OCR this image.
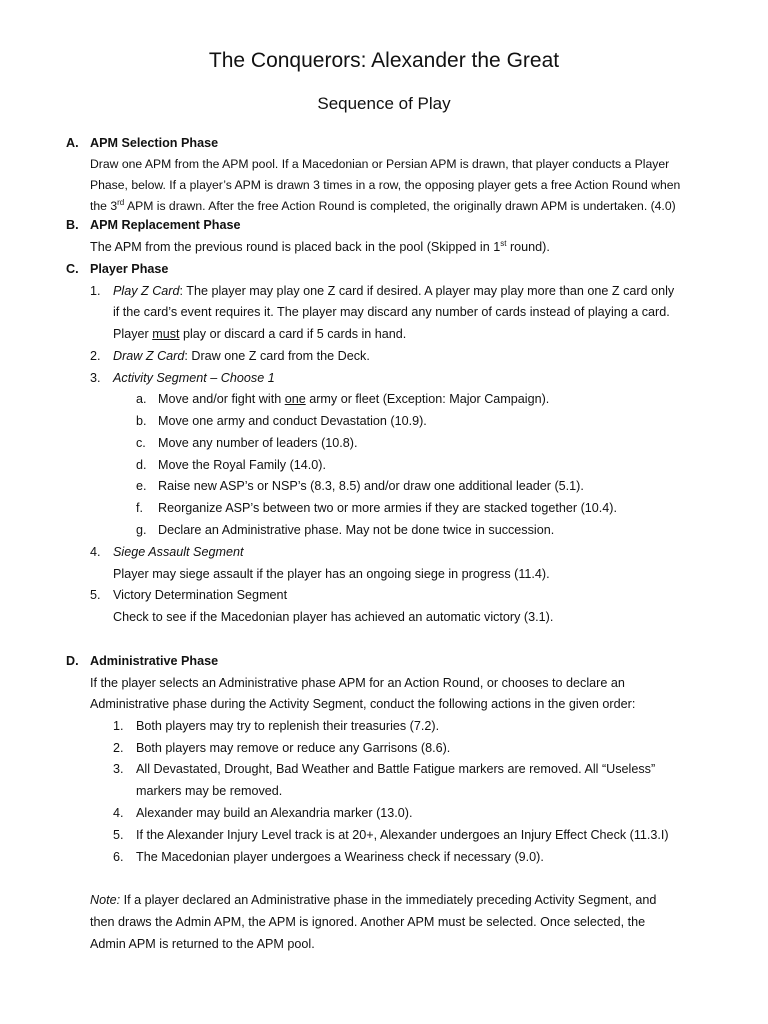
The Conquerors: Alexander the Great
Sequence of Play
A. APM Selection Phase
Draw one APM from the APM pool. If a Macedonian or Persian APM is drawn, that player conducts a Player
Phase, below. If a player’s APM is drawn 3 times in a row, the opposing player gets a free Action Round when
the 3rd APM is drawn. After the free Action Round is completed, the originally drawn APM is undertaken. (4.0)
B. APM Replacement Phase
The APM from the previous round is placed back in the pool (Skipped in 1st round).
C. Player Phase
1. Play Z Card: The player may play one Z card if desired. A player may play more than one Z card only
if the card’s event requires it. The player may discard any number of cards instead of playing a card.
Player must play or discard a card if 5 cards in hand.
2. Draw Z Card: Draw one Z card from the Deck.
3. Activity Segment – Choose 1
a. Move and/or fight with one army or fleet (Exception: Major Campaign).
b. Move one army and conduct Devastation (10.9).
c. Move any number of leaders (10.8).
d. Move the Royal Family (14.0).
e. Raise new ASP’s or NSP’s (8.3, 8.5) and/or draw one additional leader (5.1).
f. Reorganize ASP’s between two or more armies if they are stacked together (10.4).
g. Declare an Administrative phase. May not be done twice in succession.
4. Siege Assault Segment
Player may siege assault if the player has an ongoing siege in progress (11.4).
5. Victory Determination Segment
Check to see if the Macedonian player has achieved an automatic victory (3.1).
D. Administrative Phase
If the player selects an Administrative phase APM for an Action Round, or chooses to declare an
Administrative phase during the Activity Segment, conduct the following actions in the given order:
1. Both players may try to replenish their treasuries (7.2).
2. Both players may remove or reduce any Garrisons (8.6).
3. All Devastated, Drought, Bad Weather and Battle Fatigue markers are removed. All “Useless”
markers may be removed.
4. Alexander may build an Alexandria marker (13.0).
5. If the Alexander Injury Level track is at 20+, Alexander undergoes an Injury Effect Check (11.3.I)
6. The Macedonian player undergoes a Weariness check if necessary (9.0).
Note: If a player declared an Administrative phase in the immediately preceding Activity Segment, and
then draws the Admin APM, the APM is ignored. Another APM must be selected. Once selected, the
Admin APM is returned to the APM pool.
